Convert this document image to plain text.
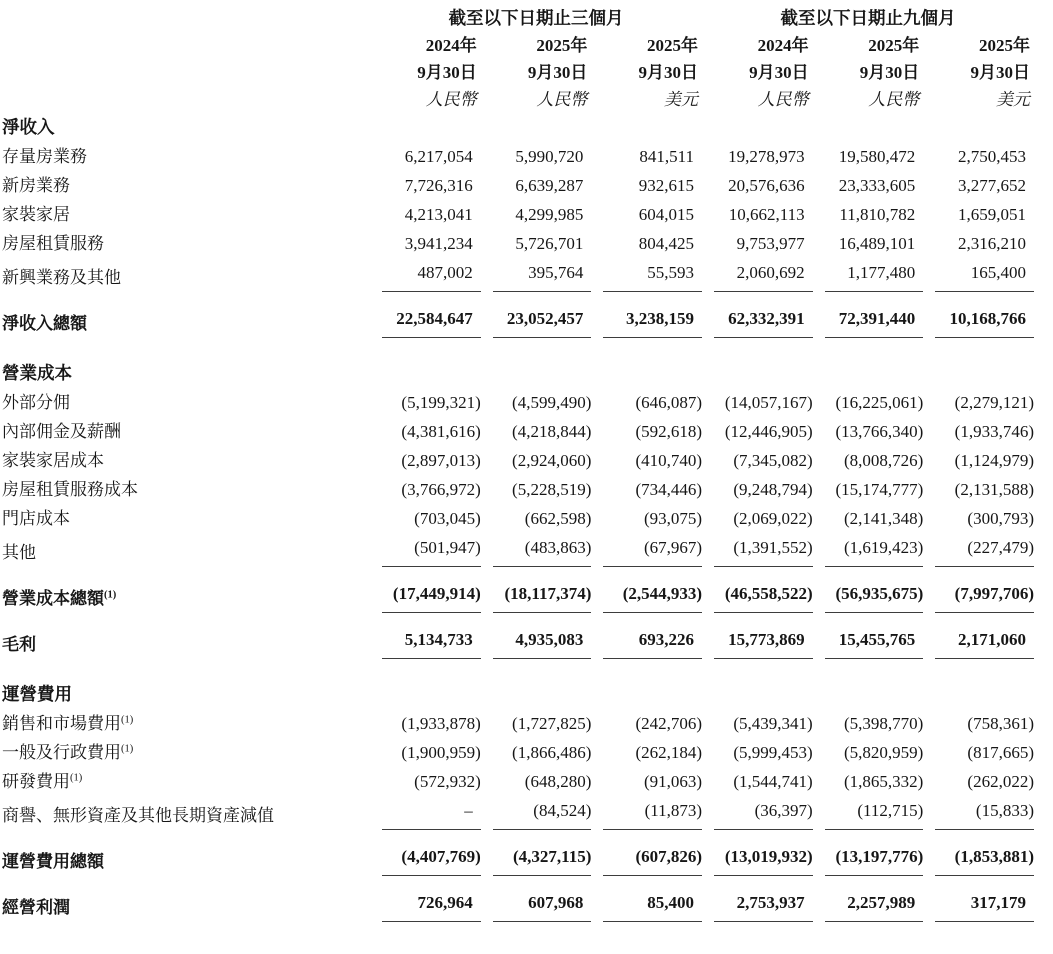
	截至以下日期止三個月			截至以下日期止九個月		
	2024年	2025年	2025年	2024年	2025年	2025年
	9月30日	9月30日	9月30日	9月30日	9月30日	9月30日
	人民幣	人民幣	美元	人民幣	人民幣	美元
淨收入	

存量房業務	6,217,054	5,990,720	841,511	19,278,973	19,580,472	2,750,453

新房業務	7,726,316	6,639,287	932,615	20,576,636	23,333,605	3,277,652

家裝家居	4,213,041	4,299,985	604,015	10,662,113	11,810,782	1,659,051

房屋租賃服務	3,941,234	5,726,701	804,425	9,753,977	16,489,101	2,316,210

新興業務及其他	487,002	395,764	55,593	2,060,692	1,177,480	165,400

淨收入總額	22,584,647	23,052,457	3,238,159	62,332,391	72,391,440	10,168,766

營業成本	

外部分佣	(5,199,321)	(4,599,490)	(646,087)	(14,057,167)	(16,225,061)	(2,279,121)

內部佣金及薪酬	(4,381,616)	(4,218,844)	(592,618)	(12,446,905)	(13,766,340)	(1,933,746)

家裝家居成本	(2,897,013)	(2,924,060)	(410,740)	(7,345,082)	(8,008,726)	(1,124,979)

房屋租賃服務成本	(3,766,972)	(5,228,519)	(734,446)	(9,248,794)	(15,174,777)	(2,131,588)

門店成本	(703,045)	(662,598)	(93,075)	(2,069,022)	(2,141,348)	(300,793)

其他	(501,947)	(483,863)	(67,967)	(1,391,552)	(1,619,423)	(227,479)

營業成本總額$^{(1)}$	(17,449,914)	(18,117,374)	(2,544,933)	(46,558,522)	(56,935,675)	(7,997,706)

毛利	5,134,733	4,935,083	693,226	15,773,869	15,455,765	2,171,060

運營費用	

銷售和市場費用$^{(1)}$	(1,933,878)	(1,727,825)	(242,706)	(5,439,341)	(5,398,770)	(758,361)

一般及行政費用$^{(1)}$	(1,900,959)	(1,866,486)	(262,184)	(5,999,453)	(5,820,959)	(817,665)

研發費用$^{(1)}$	(572,932)	(648,280)	(91,063)	(1,544,741)	(1,865,332)	(262,022)

商譽、無形資產及其他長期資產減值	–	(84,524)	(11,873)	(36,397)	(112,715)	(15,833)

運營費用總額	(4,407,769)	(4,327,115)	(607,826)	(13,019,932)	(13,197,776)	(1,853,881)

經營利潤	726,964	607,968	85,400	2,753,937	2,257,989	317,179
